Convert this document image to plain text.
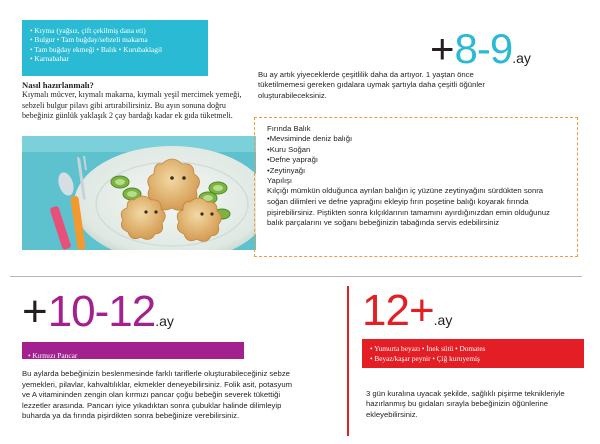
• Kıyma (yağsız, çift çekilmiş dana eti)
• Bulgur • Tam buğday/sebzeli makarna
• Tam buğday ekmeği • Balık • Kurubaklagil
• Karnabahar
Nasıl hazırlanmalı?
Kıymalı mücver, kıymalı makarna, kıymalı yeşil mercimek yemeği, sebzeli bulgur pilavı gibi artırabilirsiniz. Bu ayın sonuna doğru bebeğiniz günlük yaklaşık 2 çay bardağı kadar ek gıda tüketmeli.
+8-9.ay
Bu ay artık yiyeceklerde çeşitlilik daha da artıyor. 1 yaştan önce tüketilmemesi gereken gıdalara uymak şartıyla daha çeşitli öğünler oluşturabileceksiniz.
Fırında Balık
•Mevsiminde deniz balığı
•Kuru Soğan
•Defne yaprağı
•Zeytinyağı
Yapılışı
Kılçığı mümkün olduğunca ayrılan balığın iç yüzüne zeytinyağını sürdükten sonra soğan dilimleri ve defne yaprağını ekleyip fırın poşetine balığı koyarak fırında pişirebilirsiniz. Piştikten sonra kılçıklarının tamamını ayırdığınızdan emin olduğunuz balık parçalarını ve soğanı bebeğinizin tabağında servis edebilirsiniz
+10-12.ay
• Kırmızı Pancar
Bu aylarda bebeğinizin beslenmesinde farklı tariflerle oluşturabileceğiniz sebze yemekleri, pilavlar, kahvaltılıklar, ekmekler deneyebilirsiniz. Folik asit, potasyum ve A vitamininden zengin olan kırmızı pancar çoğu bebeğin severek tükettiği lezzetler arasında. Pancarı iyice yıkadıktan sonra çubuklar halinde dilimleyip buharda ya da fırında pişirdikten sonra bebeğinize verebilirsiniz.
12+.ay
• Yumurta beyazı • İnek sütü • Domates
• Beyaz/kaşar peynir • Çiğ kuruyemiş
3 gün kuralına uyacak şekilde, sağlıklı pişirme teknikleriyle hazırlanmış bu gıdaları sırayla bebeğinizin öğünlerine ekleyebilirsiniz.
